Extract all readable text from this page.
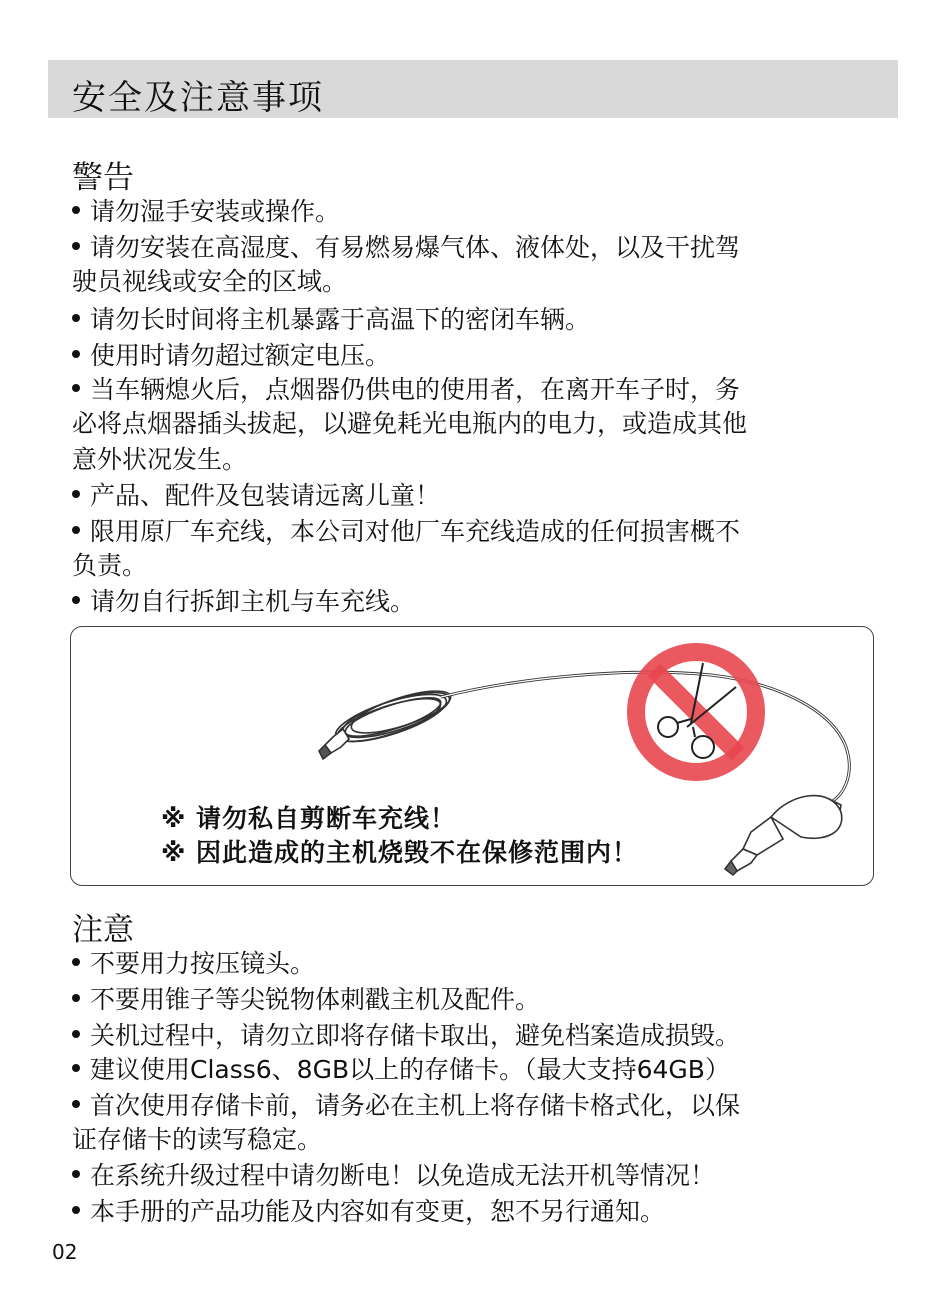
安全及注意事项
警告
请勿湿手安装或操作。
请勿安装在高湿度、有易燃易爆气体、液体处，以及干扰驾
驶员视线或安全的区域。
请勿长时间将主机暴露于高温下的密闭车辆。
使用时请勿超过额定电压。
当车辆熄火后，点烟器仍供电的使用者，在离开车子时，务
必将点烟器插头拔起，以避免耗光电瓶内的电力，或造成其他
意外状况发生。
产品、配件及包装请远离儿童！
限用原厂车充线，本公司对他厂车充线造成的任何损害概不
负责。
请勿自行拆卸主机与车充线。
※ 请勿私自剪断车充线！
※ 因此造成的主机烧毁不在保修范围内！
注意
不要用力按压镜头。
不要用锥子等尖锐物体刺戳主机及配件。
关机过程中，请勿立即将存储卡取出，避免档案造成损毁。
建议使用Class6、8GB以上的存储卡。（最大支持64GB）
首次使用存储卡前，请务必在主机上将存储卡格式化，以保
证存储卡的读写稳定。
在系统升级过程中请勿断电！以免造成无法开机等情况！
本手册的产品功能及内容如有变更，恕不另行通知。
02
